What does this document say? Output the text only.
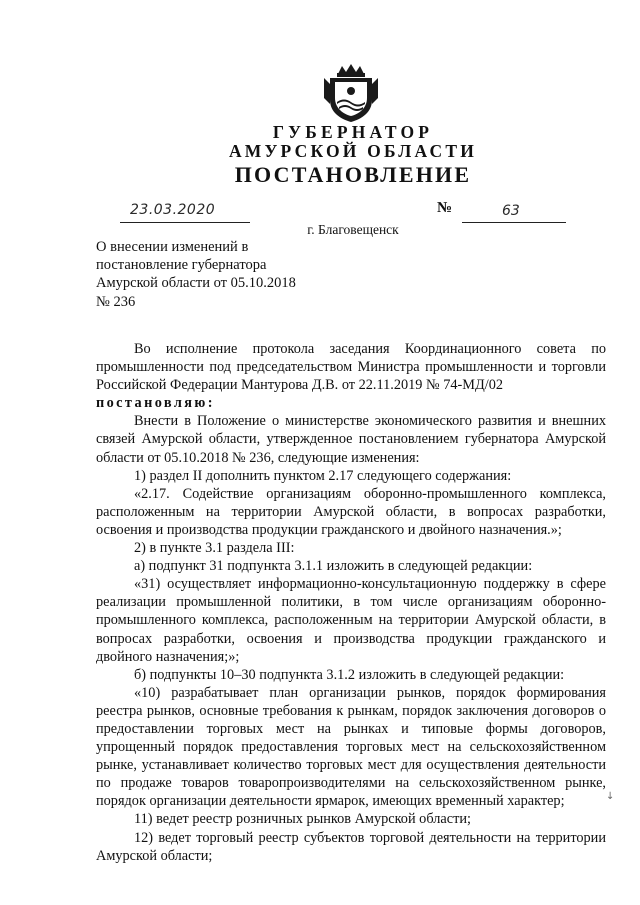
ГУБЕРНАТОР
АМУРСКОЙ ОБЛАСТИ
ПОСТАНОВЛЕНИЕ
23.03.2020	№	63
г. Благовещенск
О внесении изменений в
постановление губернатора
Амурской области от 05.10.2018
№ 236

Во исполнение протокола заседания Координационного совета по промышленности под председательством Министра промышленности и торговли Российской Федерации Мантурова Д.В. от 22.11.2019 № 74-МД/02

постановляю:

Внести в Положение о министерстве экономического развития и внешних связей Амурской области, утвержденное постановлением губернатора Амурской области от 05.10.2018 № 236, следующие изменения:

1) раздел II дополнить пунктом 2.17 следующего содержания:

«2.17. Содействие организациям оборонно-промышленного комплекса, расположенным на территории Амурской области, в вопросах разработки, освоения и производства продукции гражданского и двойного назначения.»;

2) в пункте 3.1 раздела III:

а) подпункт 31 подпункта 3.1.1 изложить в следующей редакции:

«31) осуществляет информационно-консультационную поддержку в сфере реализации промышленной политики, в том числе организациям оборонно-промышленного комплекса, расположенным на территории Амурской области, в вопросах разработки, освоения и производства продукции гражданского и двойного назначения;»;

б) подпункты 10–30 подпункта 3.1.2 изложить в следующей редакции:

«10) разрабатывает план организации рынков, порядок формирования реестра рынков, основные требования к рынкам, порядок заключения договоров о предоставлении торговых мест на рынках и типовые формы договоров, упрощенный порядок предоставления торговых мест на сельскохозяйственном рынке, устанавливает количество торговых мест для осуществления деятельности по продаже товаров товаропроизводителями на сельскохозяйственном рынке, порядок организации деятельности ярмарок, имеющих временный характер;

11) ведет реестр розничных рынков Амурской области;

12) ведет торговый реестр субъектов торговой деятельности на территории Амурской области;

↓
